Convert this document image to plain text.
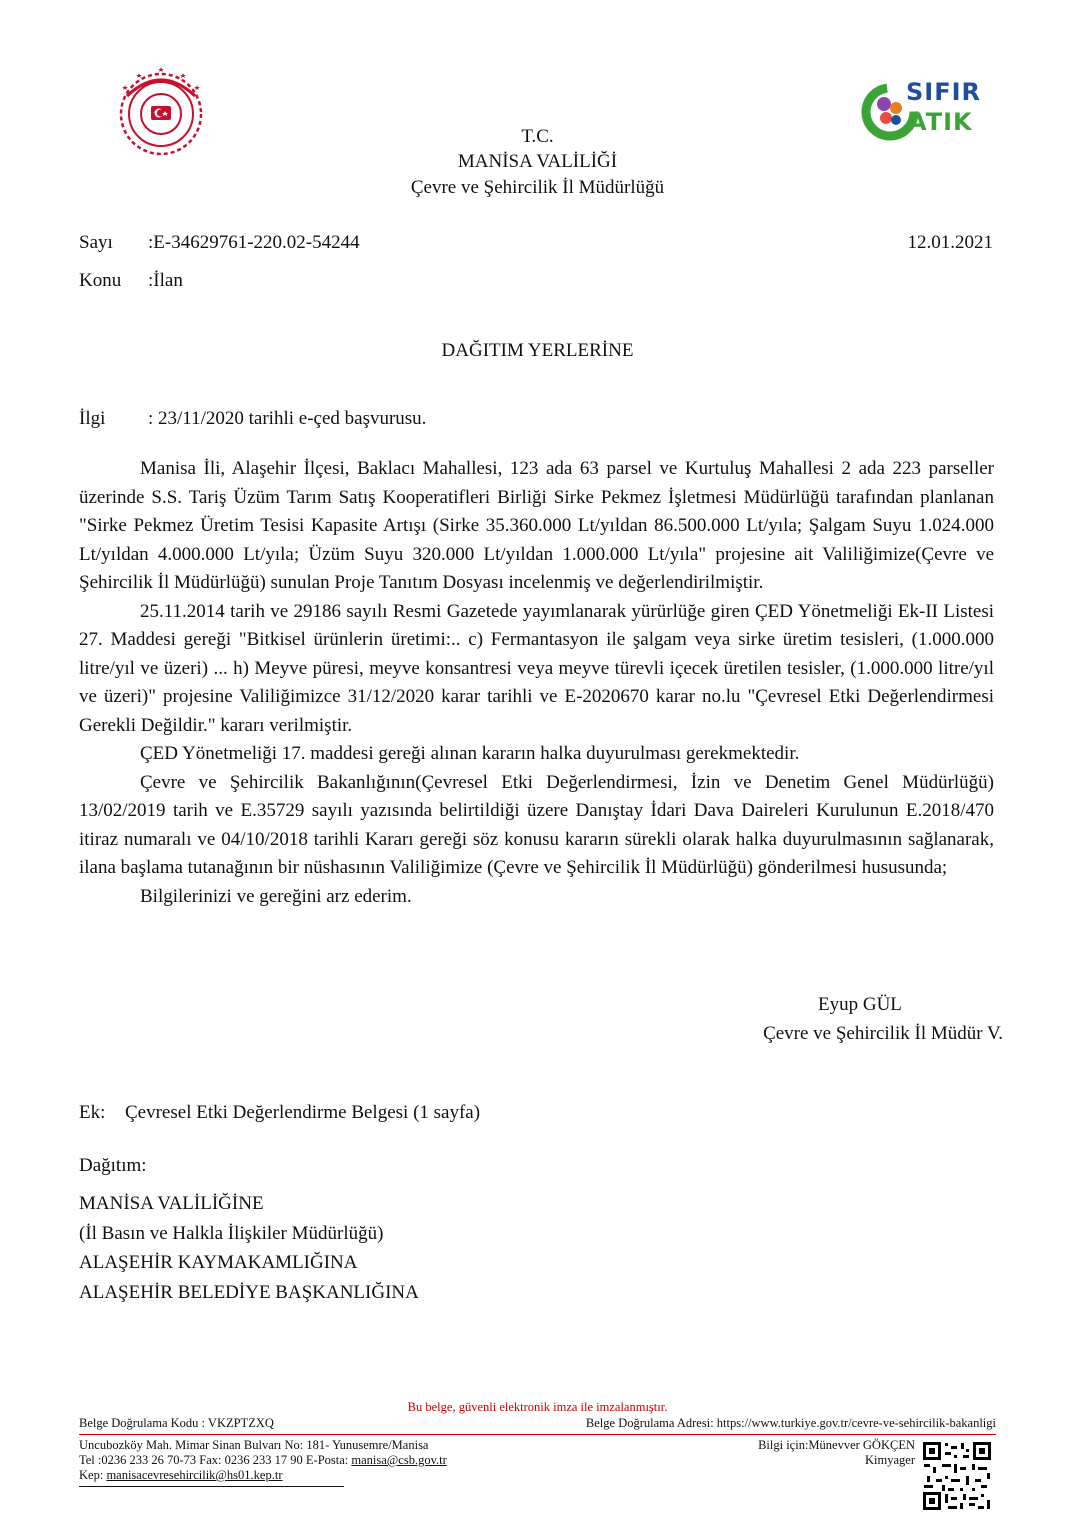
SIFIR
ATIK
T.C.
MANİSA VALİLİĞİ
Çevre ve Şehircilik İl Müdürlüğü
Sayı :E-34629761-220.02-54244	12.01.2021
Konu :İlan
DAĞITIM YERLERİNE
İlgi : 23/11/2020 tarihli e-çed başvurusu.

Manisa İli, Alaşehir İlçesi, Baklacı Mahallesi, 123 ada 63 parsel ve Kurtuluş Mahallesi 2 ada 223 parseller üzerinde S.S. Tariş Üzüm Tarım Satış Kooperatifleri Birliği Sirke Pekmez İşletmesi Müdürlüğü tarafından planlanan "Sirke Pekmez Üretim Tesisi Kapasite Artışı (Sirke 35.360.000 Lt/yıldan 86.500.000 Lt/yıla; Şalgam Suyu 1.024.000 Lt/yıldan 4.000.000 Lt/yıla; Üzüm Suyu 320.000 Lt/yıldan 1.000.000 Lt/yıla" projesine ait Valiliğimize(Çevre ve Şehircilik İl Müdürlüğü) sunulan Proje Tanıtım Dosyası incelenmiş ve değerlendirilmiştir.

25.11.2014 tarih ve 29186 sayılı Resmi Gazetede yayımlanarak yürürlüğe giren ÇED Yönetmeliği Ek-II Listesi 27. Maddesi gereği "Bitkisel ürünlerin üretimi:.. c) Fermantasyon ile şalgam veya sirke üretim tesisleri, (1.000.000 litre/yıl ve üzeri) ... h) Meyve püresi, meyve konsantresi veya meyve türevli içecek üretilen tesisler, (1.000.000 litre/yıl ve üzeri)" projesine Valiliğimizce 31/12/2020 karar tarihli ve E-2020670 karar no.lu "Çevresel Etki Değerlendirmesi Gerekli Değildir." kararı verilmiştir.

ÇED Yönetmeliği 17. maddesi gereği alınan kararın halka duyurulması gerekmektedir.

Çevre ve Şehircilik Bakanlığının(Çevresel Etki Değerlendirmesi, İzin ve Denetim Genel Müdürlüğü) 13/02/2019 tarih ve E.35729 sayılı yazısında belirtildiği üzere Danıştay İdari Dava Daireleri Kurulunun E.2018/470 itiraz numaralı ve 04/10/2018 tarihli Kararı gereği söz konusu kararın sürekli olarak halka duyurulmasının sağlanarak, ilana başlama tutanağının bir nüshasının Valiliğimize (Çevre ve Şehircilik İl Müdürlüğü) gönderilmesi hususunda;

Bilgilerinizi ve gereğini arz ederim.

Eyup GÜL
Çevre ve Şehircilik İl Müdür V.
Ek: Çevresel Etki Değerlendirme Belgesi (1 sayfa)
Dağıtım:
MANİSA VALİLİĞİNE
(İl Basın ve Halkla İlişkiler Müdürlüğü)
ALAŞEHİR KAYMAKAMLIĞINA
ALAŞEHİR BELEDİYE BAŞKANLIĞINA
Bu belge, güvenli elektronik imza ile imzalanmıştır.
Belge Doğrulama Kodu : VKZPTZXQ	Belge Doğrulama Adresi: https://www.turkiye.gov.tr/cevre-ve-sehircilik-bakanligi
Uncubozköy Mah. Mimar Sinan Bulvarı No: 181- Yunusemre/Manisa
Tel :0236 233 26 70-73 Fax: 0236 233 17 90 E-Posta: manisa@csb.gov.tr
Kep: manisacevresehircilik@hs01.kep.tr
Bilgi için:Münevver GÖKÇEN
Kimyager
